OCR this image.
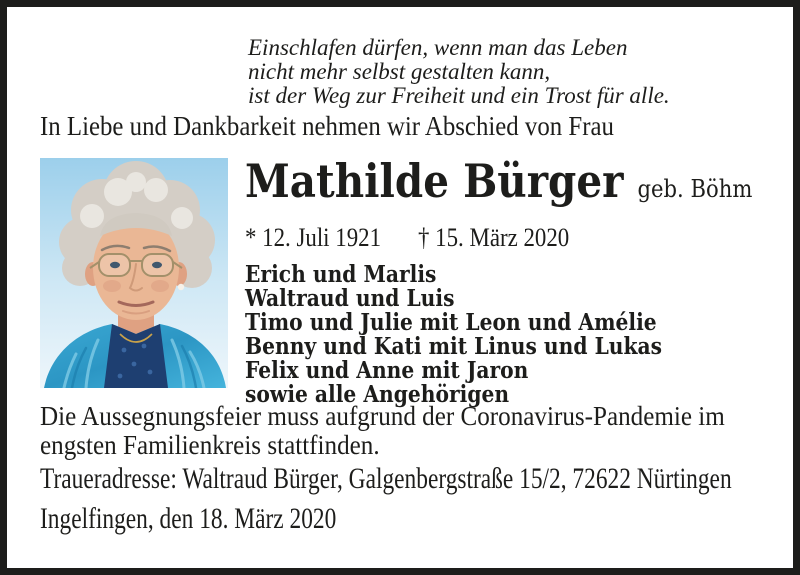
Einschlafen dürfen, wenn man das Leben
nicht mehr selbst gestalten kann,
ist der Weg zur Freiheit und ein Trost für alle.
In Liebe und Dankbarkeit nehmen wir Abschied von Frau
Mathilde Bürger geb. Böhm
* 12. Juli 1921 † 15. März 2020
Erich und Marlis
Waltraud und Luis
Timo und Julie mit Leon und Amélie
Benny und Kati mit Linus und Lukas
Felix und Anne mit Jaron
sowie alle Angehörigen
Die Aussegnungsfeier muss aufgrund der Coronavirus-Pandemie im
engsten Familienkreis stattfinden.
Traueradresse: Waltraud Bürger, Galgenbergstraße 15/2, 72622 Nürtingen
Ingelfingen, den 18. März 2020
